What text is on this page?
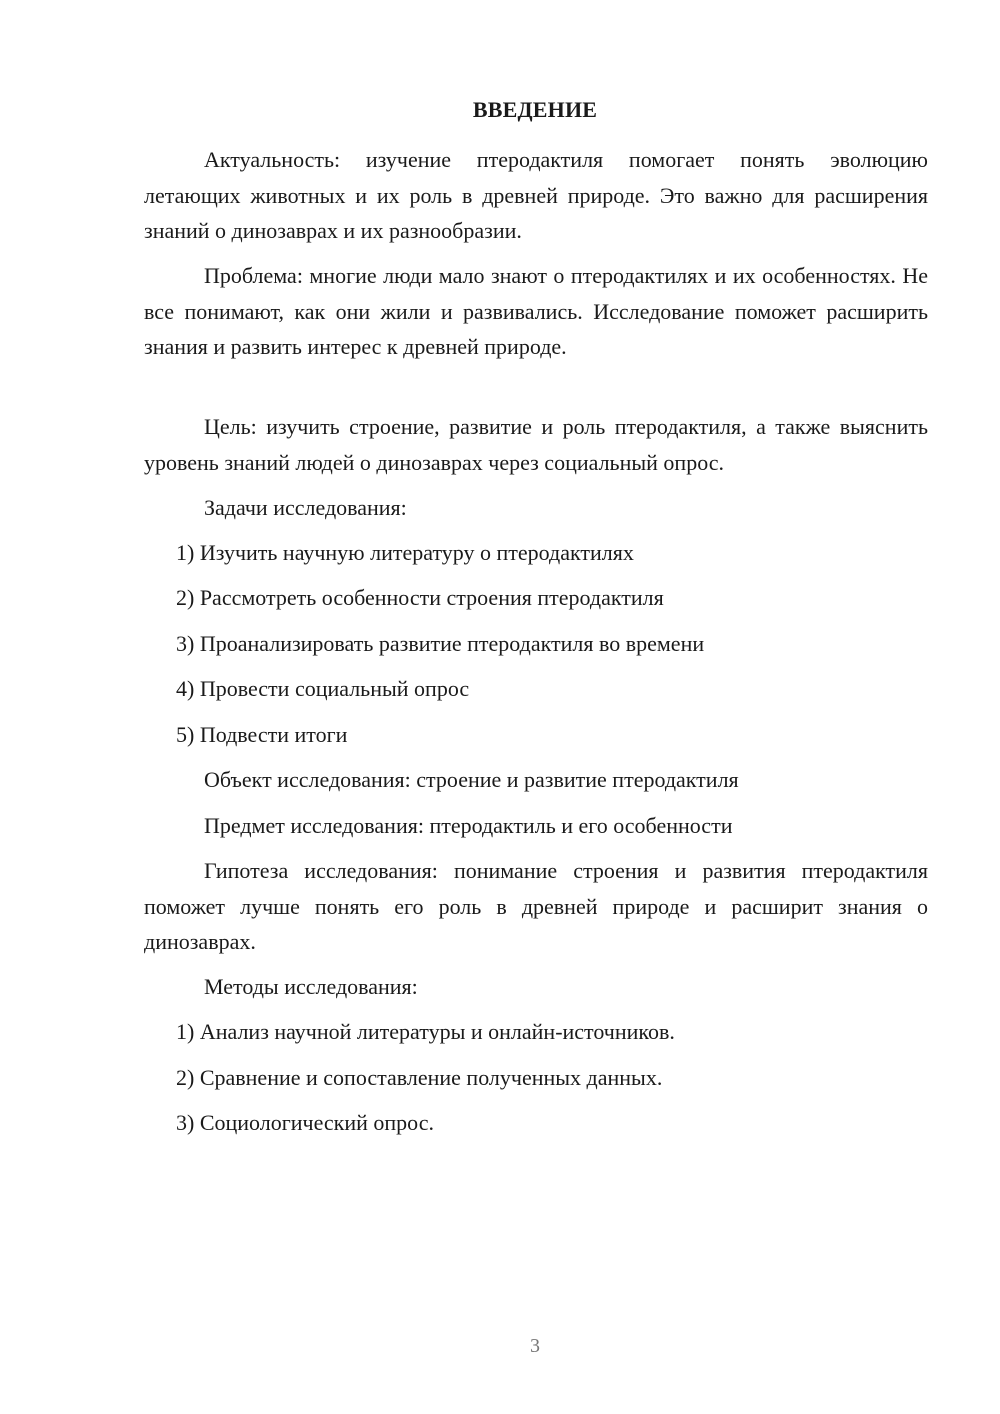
ВВЕДЕНИЕ

Актуальность: изучение птеродактиля помогает понять эволюцию летающих животных и их роль в древней природе. Это важно для расширения знаний о динозаврах и их разнообразии.

Проблема: многие люди мало знают о птеродактилях и их особенностях. Не все понимают, как они жили и развивались. Исследование поможет расширить знания и развить интерес к древней природе.

Цель: изучить строение, развитие и роль птеродактиля, а также выяснить уровень знаний людей о динозаврах через социальный опрос.

Задачи исследования:

1) Изучить научную литературу о птеродактилях

2) Рассмотреть особенности строения птеродактиля

3) Проанализировать развитие птеродактиля во времени

4) Провести социальный опрос

5) Подвести итоги

Объект исследования: строение и развитие птеродактиля

Предмет исследования: птеродактиль и его особенности

Гипотеза исследования: понимание строения и развития птеродактиля поможет лучше понять его роль в древней природе и расширит знания о динозаврах.

Методы исследования:

1) Анализ научной литературы и онлайн-источников.

2) Сравнение и сопоставление полученных данных.

3) Социологический опрос.

3
